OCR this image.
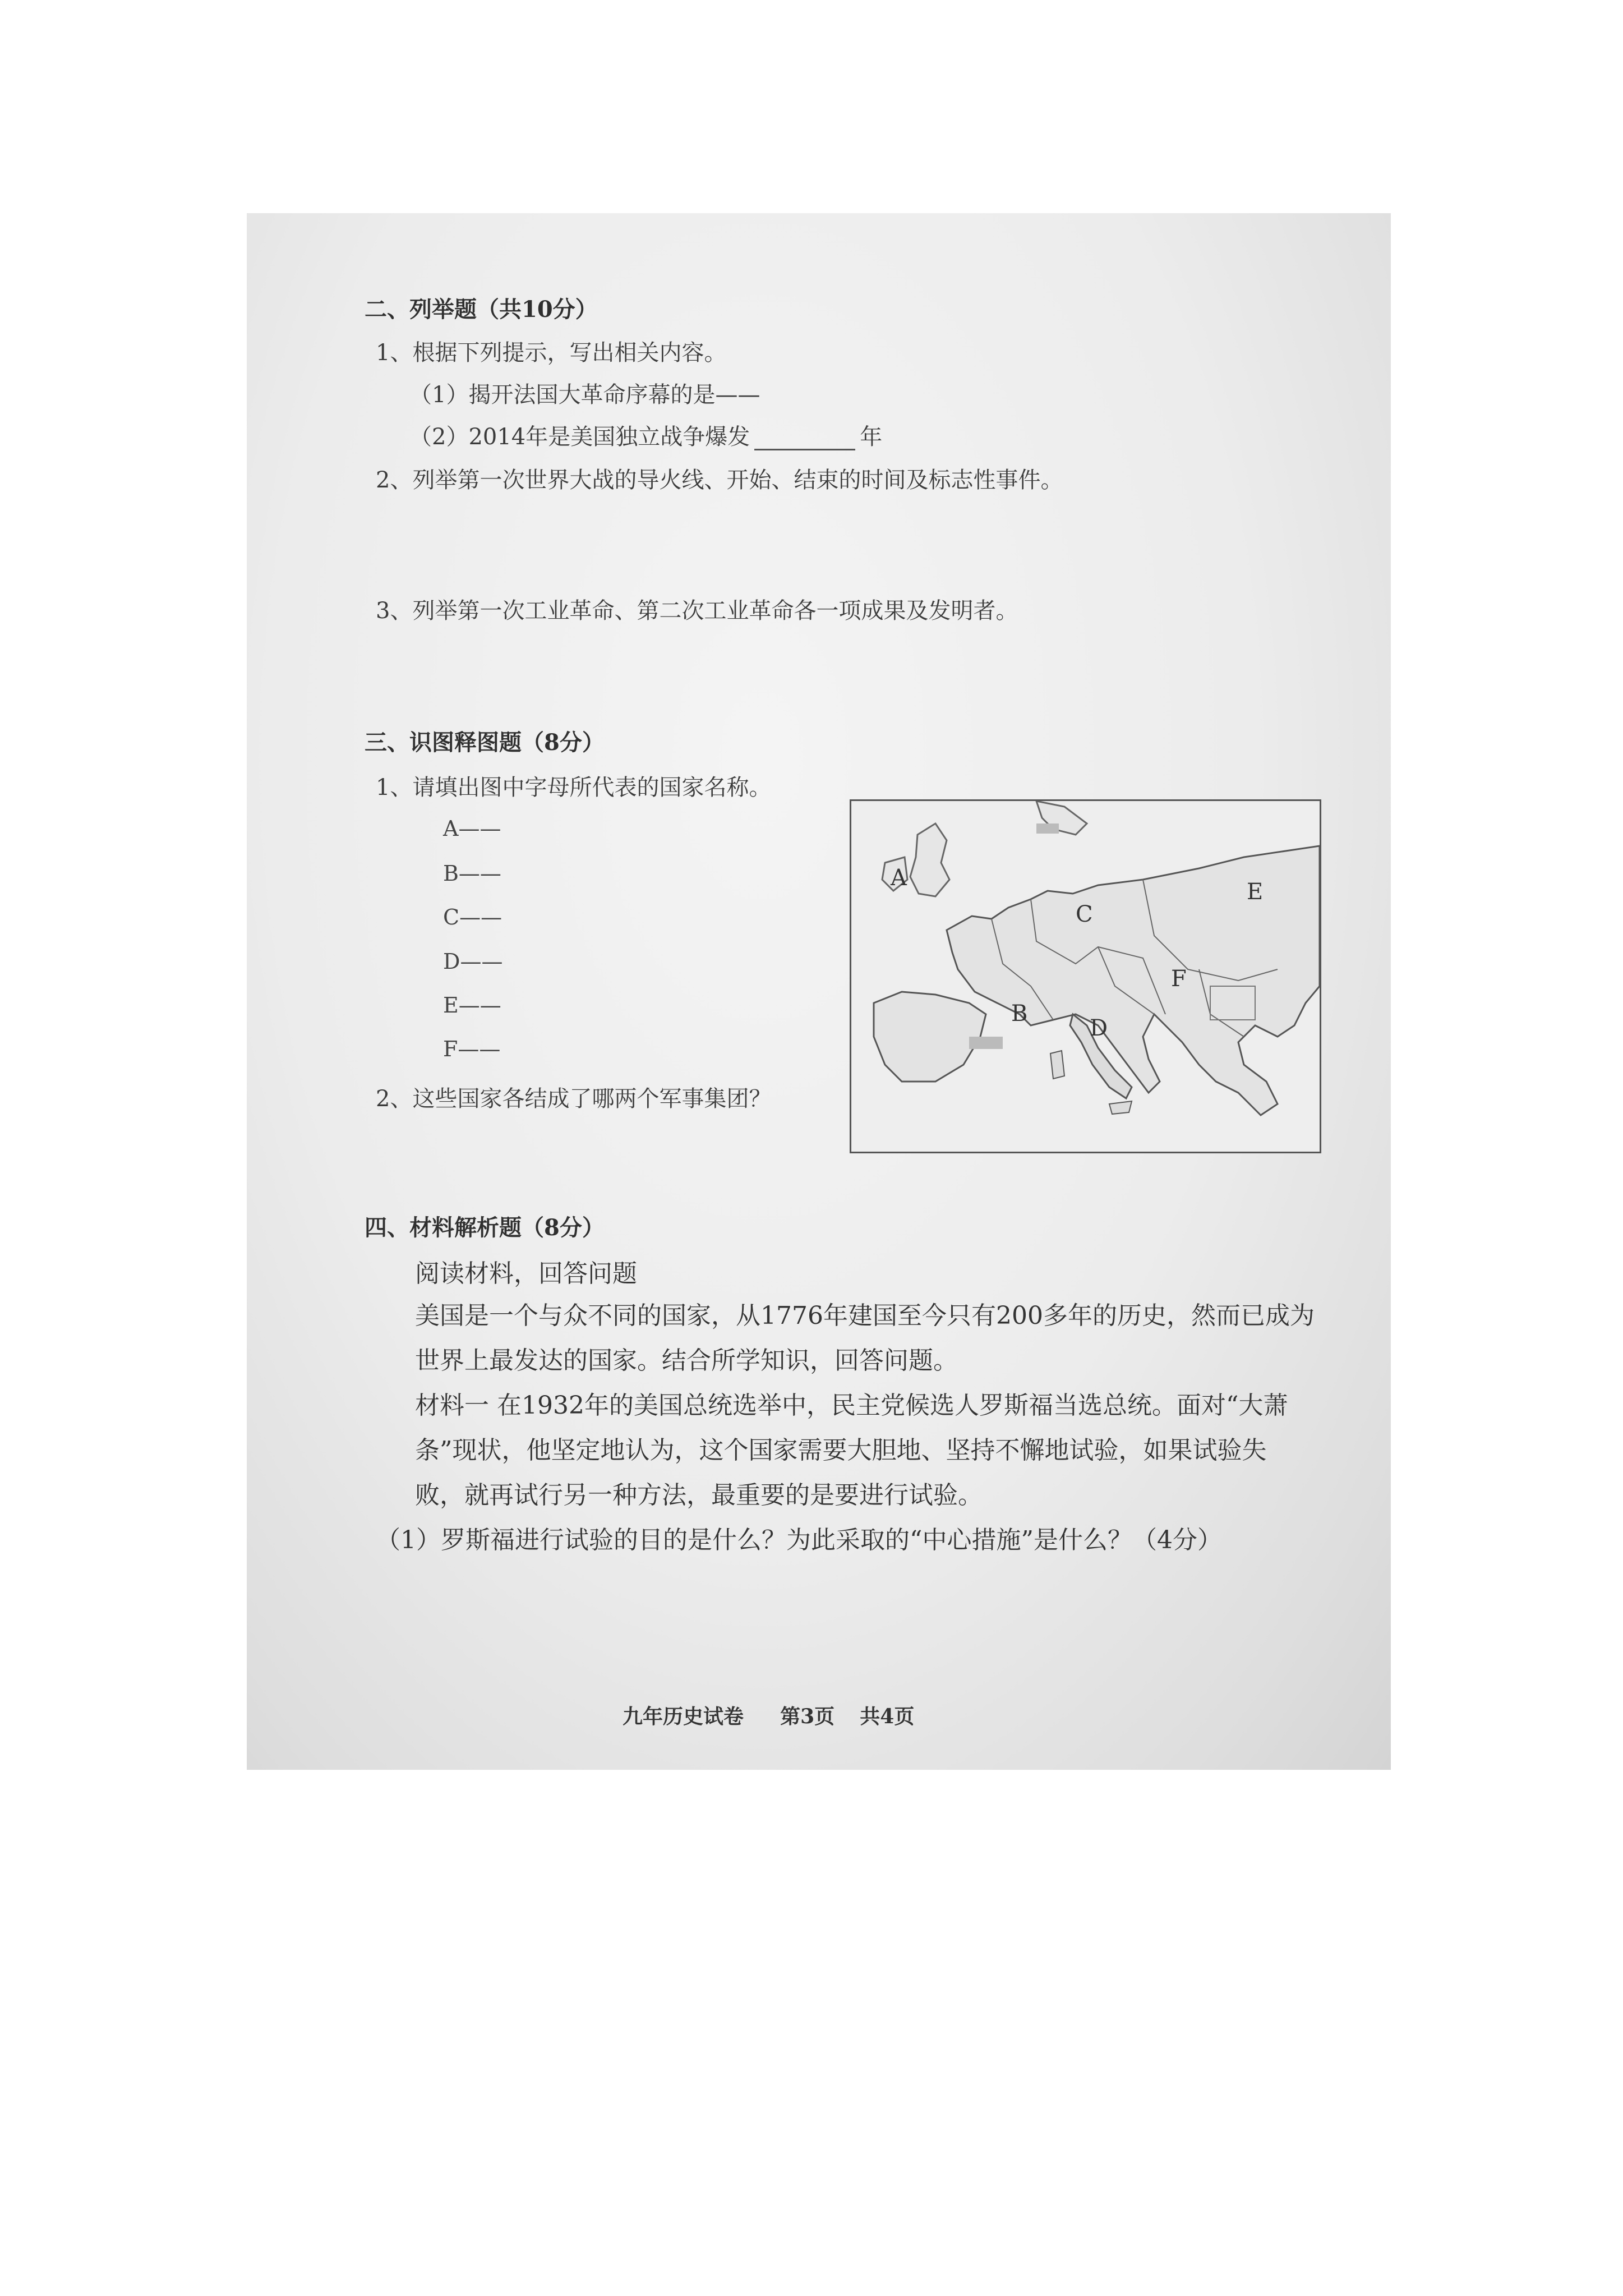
二、列举题（共10分）
1、根据下列提示，写出相关内容。
（1）揭开法国大革命序幕的是——
（2）2014年是美国独立战争爆发	年
2、列举第一次世界大战的导火线、开始、结束的时间及标志性事件。
3、列举第一次工业革命、第二次工业革命各一项成果及发明者。
三、识图释图题（8分）
1、请填出图中字母所代表的国家名称。
A——
B——
C——
D——
E——
F——
2、这些国家各结成了哪两个军事集团？
四、材料解析题（8分）
阅读材料，回答问题
美国是一个与众不同的国家，从1776年建国至今只有200多年的历史，然而已成为
世界上最发达的国家。结合所学知识，回答问题。
材料一 在1932年的美国总统选举中，民主党候选人罗斯福当选总统。面对“大萧
条”现状，他坚定地认为，这个国家需要大胆地、坚持不懈地试验，如果试验失
败，就再试行另一种方法，最重要的是要进行试验。
（1）罗斯福进行试验的目的是什么？为此采取的“中心措施”是什么？（4分）
九年历史试卷 第3页 共4页
A
B
C
D
E
F
